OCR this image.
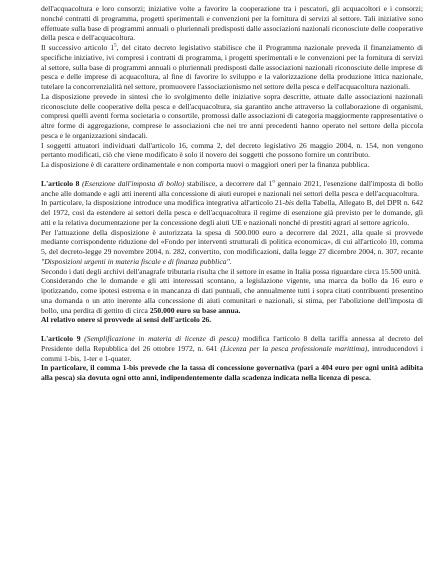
dell'acquacoltura e loro consorzi; iniziative volte a favorire la cooperazione tra i pescatori, gli acquacoltori e i consorzi; nonché contratti di programma, progetti sperimentali e convenzioni per la fornitura di servizi al settore. Tali iniziative sono effettuate sulla base di programmi annuali o pluriennali predisposti dalle associazioni nazionali riconosciute delle cooperative della pesca e dell'acquacoltura.

Il successivo articolo $1^5$, del citato decreto legislativo stabilisce che il Programma nazionale preveda il finanziamento di specifiche iniziative, ivi compresi i contratti di programma, i progetti sperimentali e le convenzioni per la fornitura di servizi al settore, sulla base di programmi annuali o pluriennali predisposti dalle associazioni nazionali riconosciute delle imprese di pesca e delle imprese di acquacoltura, al fine di favorire lo sviluppo e la valorizzazione della produzione ittica nazionale, tutelare la concorrenzialità nel settore, promuovere l'associazionismo nel settore della pesca e dell'acquacoltura nazionali.

La disposizione prevede in sintesi che lo svolgimento delle iniziative sopra descritte, attuate dalle associazioni nazionali riconosciute delle cooperative della pesca e dell'acquacoltura, sia garantito anche attraverso la collaborazione di organismi, compresi quelli aventi forma societaria o consortile, promossi dalle associazioni di categoria maggiormente rappresentative o altre forme di aggregazione, comprese le associazioni che nei tre anni precedenti hanno operato nel settore della piccola pesca e le organizzazioni sindacali.

I soggetti attuatori individuati dall'articolo 16, comma 2, del decreto legislativo 26 maggio 2004, n. 154, non vengono pertanto modificati, ciò che viene modificato è solo il novero dei soggetti che possono fornire un contributo.

La disposizione è di carattere ordinamentale e non comporta nuovi o maggiori oneri per la finanza pubblica.

L'articolo 8 (Esenzione dall'imposta di bollo) stabilisce, a decorrere dal 1$^o$ gennaio 2021, l'esenzione dall'imposta di bollo anche alle domande e agli atti inerenti alla concessione di aiuti europei e nazionali nei settori della pesca e dell'acquacoltura.

In particolare, la disposizione introduce una modifica integrativa all'articolo 21-bis della Tabella, Allegato B, del DPR n. 642 del 1972, così da estendere ai settori della pesca e dell'acquacoltura il regime di esenzione già previsto per le domande, gli atti e la relativa documentazione per la concessione degli aiuti UE e nazionali nonché di prestiti agrari al settore agricolo.

Per l'attuazione della disposizione è autorizzata la spesa di 500.000 euro a decorrere dal 2021, alla quale si provvede mediante corrispondente riduzione del «Fondo per interventi strutturali di politica economica», di cui all'articolo 10, comma 5, del decreto-legge 29 novembre 2004, n. 282, convertito, con modificazioni, dalla legge 27 dicembre 2004, n. 307, recante "Disposizioni urgenti in materia fiscale e di finanza pubblica".

Secondo i dati degli archivi dell'anagrafe tributaria risulta che il settore in esame in Italia possa riguardare circa 15.500 unità.

Considerando che le domande e gli atti interessati scontano, a legislazione vigente, una marca da bollo da 16 euro e ipotizzando, come ipotesi estrema e in mancanza di dati puntuali, che annualmente tutti i sopra citati contribuenti presentino una domanda o un atto inerente alla concessione di aiuti comunitari e nazionali, si stima, per l'abolizione dell'imposta di bollo, una perdita di gettito di circa 250.000 euro su base annua.

Al relativo onere si provvede ai sensi dell'articolo 26.

L'articolo 9 (Semplificazione in materia di licenze di pesca) modifica l'articolo 8 della tariffa annessa al decreto del Presidente della Repubblica del 26 ottobre 1972, n. 641 (Licenza per la pesca professionale marittima), introducendovi i commi 1-bis, 1-ter e 1-quater.

In particolare, il comma 1-bis prevede che la tassa di concessione governativa (pari a 404 euro per ogni unità adibita alla pesca) sia dovuta ogni otto anni, indipendentemente dalla scadenza indicata nella licenza di pesca.
